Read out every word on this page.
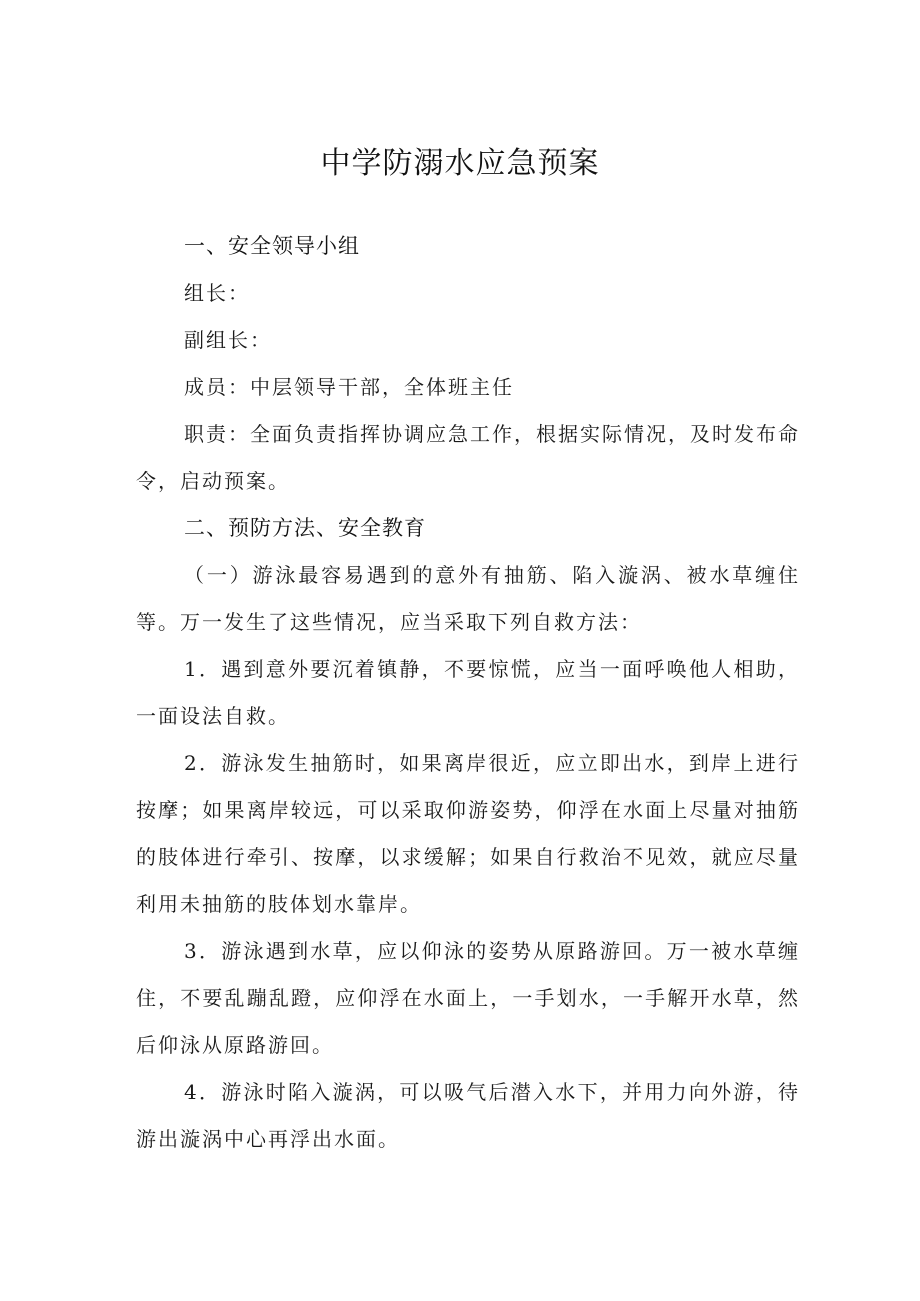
中学防溺水应急预案
一、安全领导小组

组长：

副组长：

成员：中层领导干部，全体班主任

职责：全面负责指挥协调应急工作，根据实际情况，及时发布命令，启动预案。

二、预防方法、安全教育

（一）游泳最容易遇到的意外有抽筋、陷入漩涡、被水草缠住等。万一发生了这些情况，应当采取下列自救方法：

1．遇到意外要沉着镇静，不要惊慌，应当一面呼唤他人相助，一面设法自救。

2．游泳发生抽筋时，如果离岸很近，应立即出水，到岸上进行按摩；如果离岸较远，可以采取仰游姿势，仰浮在水面上尽量对抽筋的肢体进行牵引、按摩，以求缓解；如果自行救治不见效，就应尽量利用未抽筋的肢体划水靠岸。

3．游泳遇到水草，应以仰泳的姿势从原路游回。万一被水草缠住，不要乱蹦乱蹬，应仰浮在水面上，一手划水，一手解开水草，然后仰泳从原路游回。

4．游泳时陷入漩涡，可以吸气后潜入水下，并用力向外游，待游出漩涡中心再浮出水面。
